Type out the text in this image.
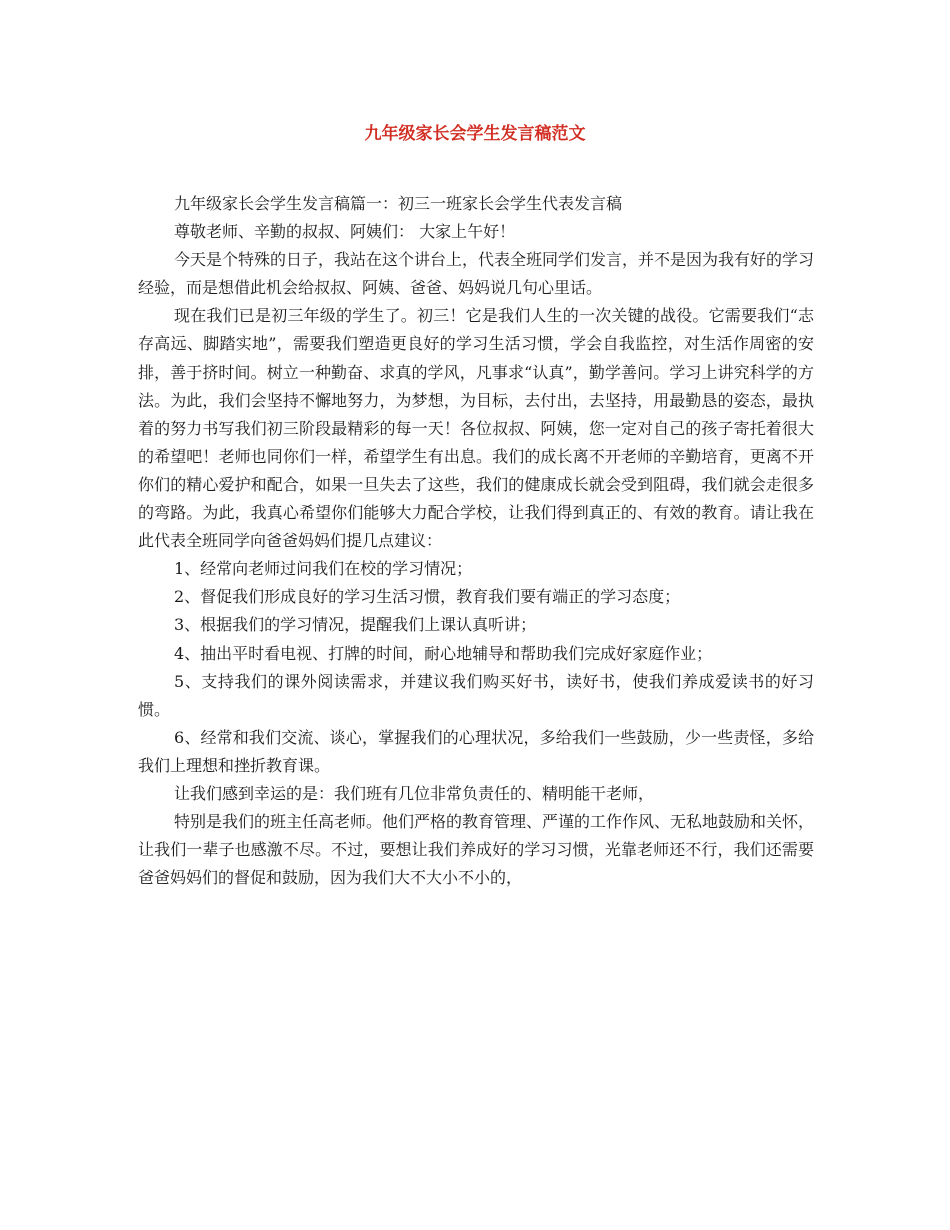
九年级家长会学生发言稿范文

九年级家长会学生发言稿篇一：初三一班家长会学生代表发言稿

尊敬老师、辛勤的叔叔、阿姨们： 大家上午好！

今天是个特殊的日子，我站在这个讲台上，代表全班同学们发言，并不是因为我有好的学习经验，而是想借此机会给叔叔、阿姨、爸爸、妈妈说几句心里话。

现在我们已是初三年级的学生了。初三！它是我们人生的一次关键的战役。它需要我们“志存高远、脚踏实地”，需要我们塑造更良好的学习生活习惯，学会自我监控，对生活作周密的安排，善于挤时间。树立一种勤奋、求真的学风，凡事求“认真”，勤学善问。学习上讲究科学的方法。为此，我们会坚持不懈地努力，为梦想，为目标，去付出，去坚持，用最勤恳的姿态，最执着的努力书写我们初三阶段最精彩的每一天！各位叔叔、阿姨，您一定对自己的孩子寄托着很大的希望吧！老师也同你们一样，希望学生有出息。我们的成长离不开老师的辛勤培育，更离不开你们的精心爱护和配合，如果一旦失去了这些，我们的健康成长就会受到阻碍，我们就会走很多的弯路。为此，我真心希望你们能够大力配合学校，让我们得到真正的、有效的教育。请让我在此代表全班同学向爸爸妈妈们提几点建议：

1、经常向老师过问我们在校的学习情况；

2、督促我们形成良好的学习生活习惯，教育我们要有端正的学习态度；

3、根据我们的学习情况，提醒我们上课认真听讲；

4、抽出平时看电视、打牌的时间，耐心地辅导和帮助我们完成好家庭作业；

5、支持我们的课外阅读需求，并建议我们购买好书，读好书，使我们养成爱读书的好习惯。

6、经常和我们交流、谈心，掌握我们的心理状况，多给我们一些鼓励，少一些责怪，多给我们上理想和挫折教育课。

让我们感到幸运的是：我们班有几位非常负责任的、精明能干老师，

特别是我们的班主任高老师。他们严格的教育管理、严谨的工作作风、无私地鼓励和关怀，让我们一辈子也感激不尽。不过，要想让我们养成好的学习习惯，光靠老师还不行，我们还需要爸爸妈妈们的督促和鼓励，因为我们大不大小不小的，
